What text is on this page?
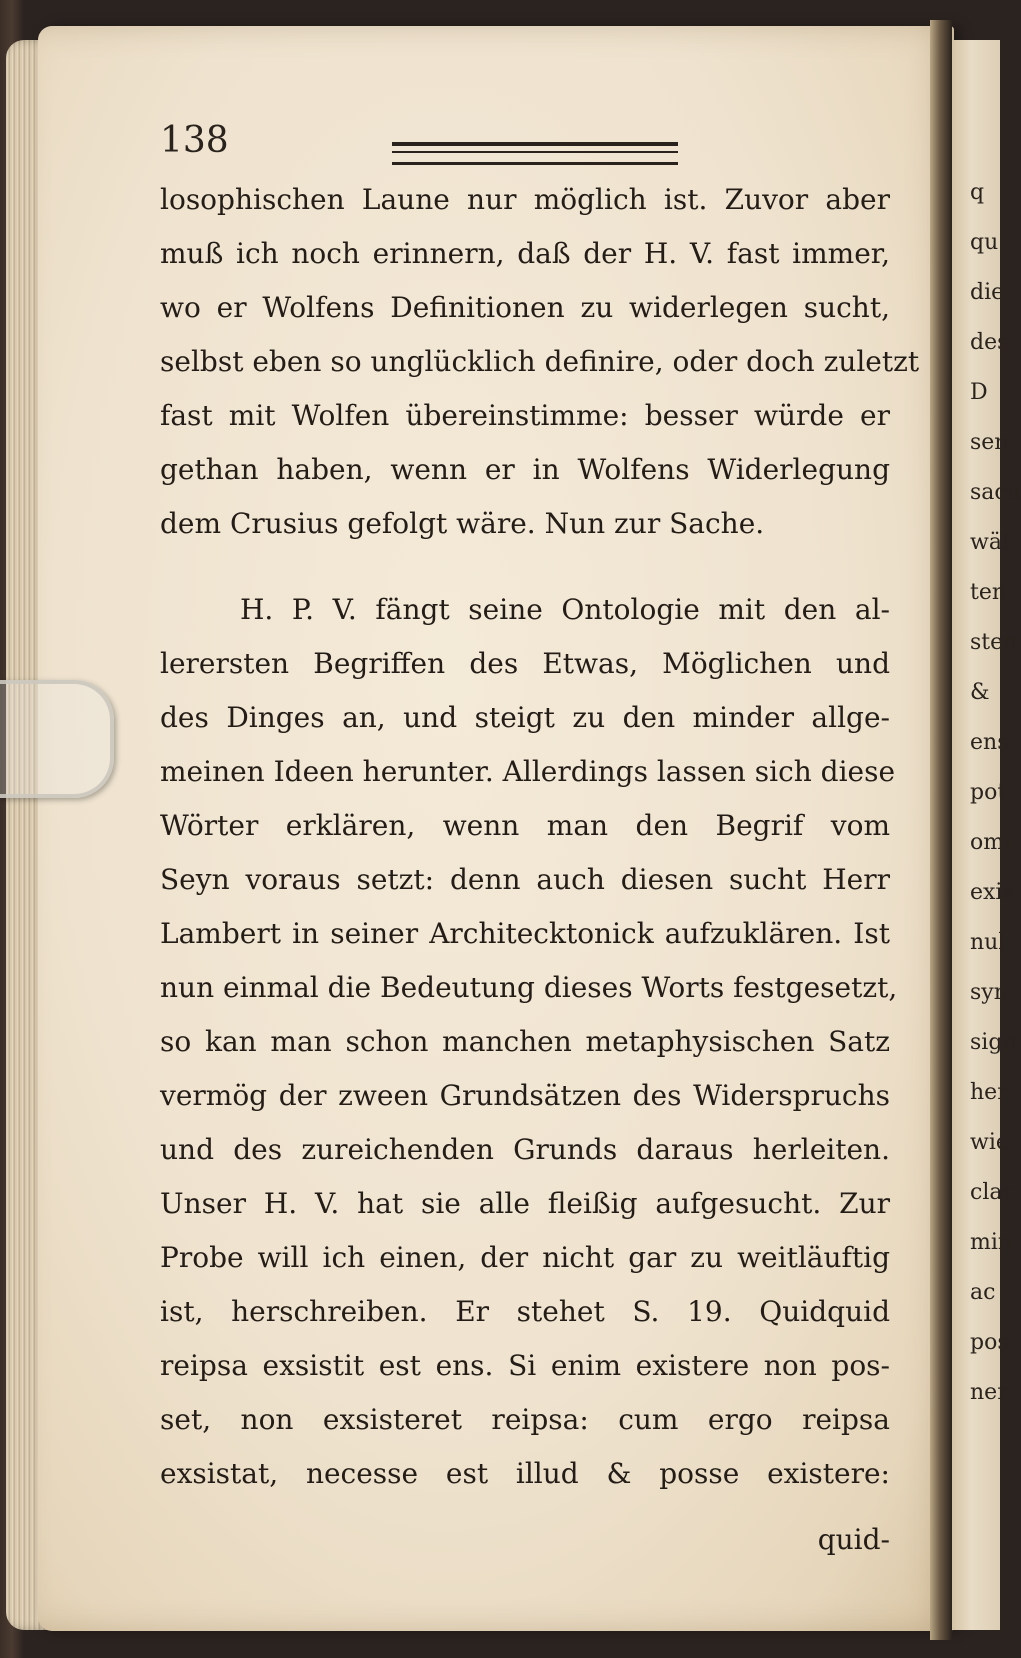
138
losophischen Laune nur möglich ist. Zuvor aber
muß ich noch erinnern, daß der H. V. fast immer,
wo er Wolfens Definitionen zu widerlegen sucht,
selbst eben so unglücklich definire, oder doch zuletzt
fast mit Wolfen übereinstimme: besser würde er
gethan haben, wenn er in Wolfens Widerlegung
dem Crusius gefolgt wäre. Nun zur Sache.
H. P. V. fängt seine Ontologie mit den al-
lerersten Begriffen des Etwas, Möglichen und
des Dinges an, und steigt zu den minder allge-
meinen Ideen herunter. Allerdings lassen sich diese
Wörter erklären, wenn man den Begrif vom
Seyn voraus setzt: denn auch diesen sucht Herr
Lambert in seiner Architecktonick aufzuklären. Ist
nun einmal die Bedeutung dieses Worts festgesetzt,
so kan man schon manchen metaphysischen Satz
vermög der zween Grundsätzen des Widerspruchs
und des zureichenden Grunds daraus herleiten.
Unser H. V. hat sie alle fleißig aufgesucht. Zur
Probe will ich einen, der nicht gar zu weitläuftig
ist, herschreiben. Er stehet S. 19. Quidquid
reipsa exsistit est ens. Si enim existere non pos-
set, non exsisteret reipsa: cum ergo reipsa
exsistat, necesse est illud & posse existere:
quid-
q
qu
die
des
D
sen
sach
wäl
ten
sten
&
ens
pot
omi
exis
nul
syn
sign
her
wie
clar
min
ac
pos
ner
